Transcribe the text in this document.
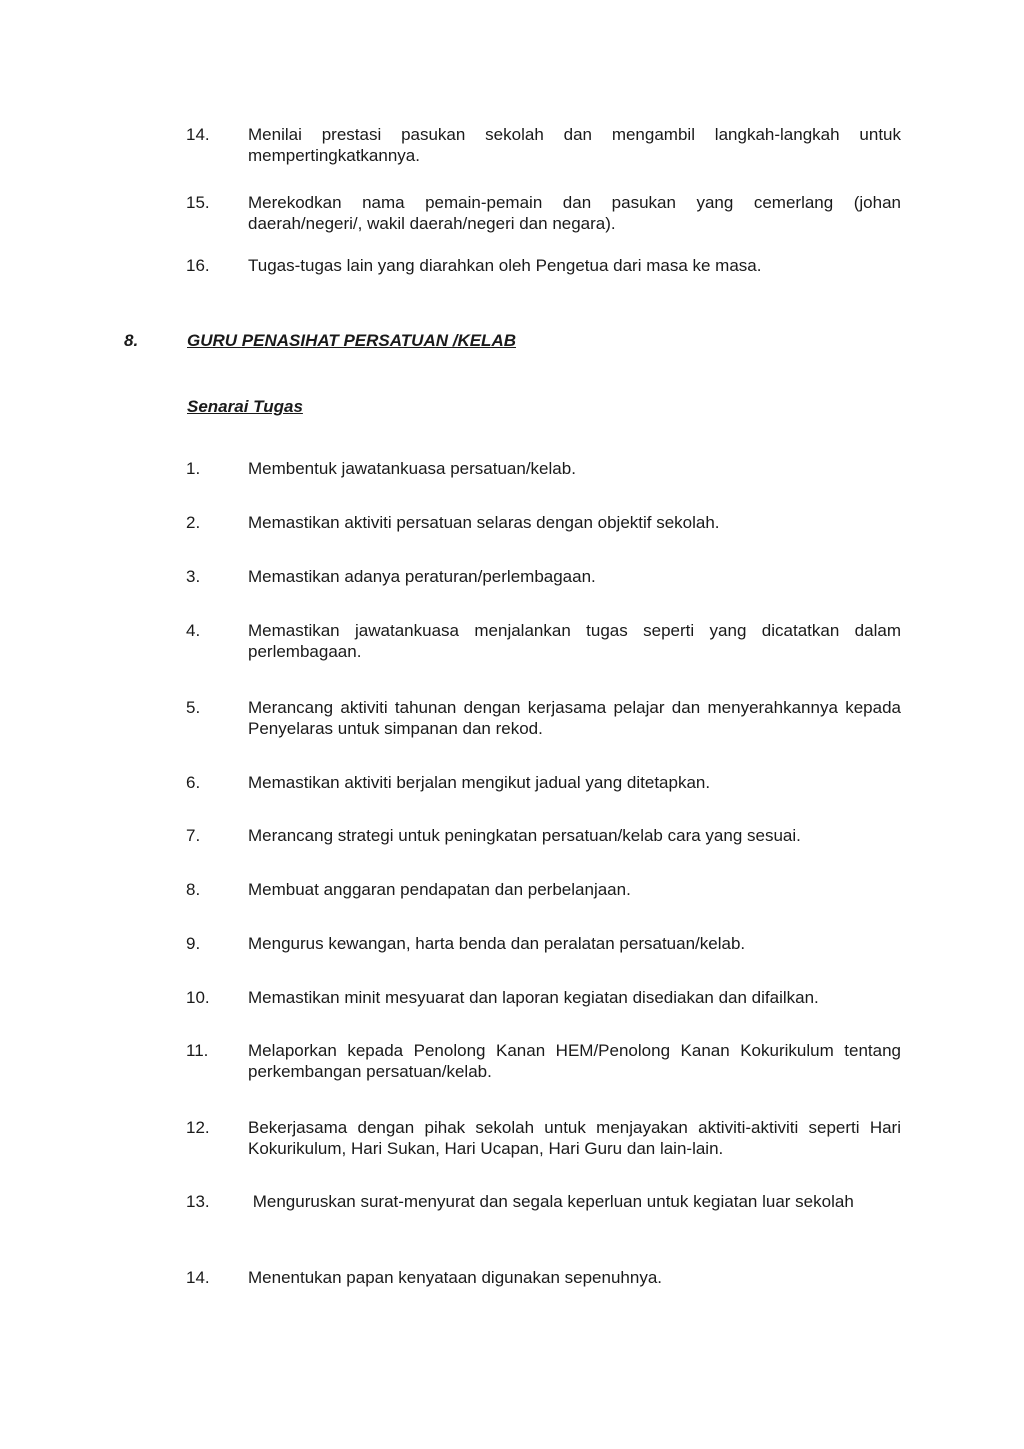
14.	Menilai prestasi pasukan sekolah dan mengambil langkah-langkah untuk mempertingkatkannya.
15.	Merekodkan nama pemain-pemain dan pasukan yang cemerlang (johan daerah/negeri/, wakil daerah/negeri dan negara).
16.	Tugas-tugas lain yang diarahkan oleh Pengetua dari masa ke masa.
8.	GURU PENASIHAT PERSATUAN /KELAB
Senarai Tugas
1.	Membentuk jawatankuasa persatuan/kelab.
2.	Memastikan aktiviti persatuan selaras dengan objektif sekolah.
3.	Memastikan adanya peraturan/perlembagaan.
4.	Memastikan jawatankuasa menjalankan tugas seperti yang dicatatkan dalam perlembagaan.
5.	Merancang aktiviti tahunan dengan kerjasama pelajar dan menyerahkannya kepada Penyelaras untuk simpanan dan rekod.
6.	Memastikan aktiviti berjalan mengikut jadual yang ditetapkan.
7.	Merancang strategi untuk peningkatan persatuan/kelab cara yang sesuai.
8.	Membuat anggaran pendapatan dan perbelanjaan.
9.	Mengurus kewangan, harta benda dan peralatan persatuan/kelab.
10.	Memastikan minit mesyuarat dan laporan kegiatan disediakan dan difailkan.
11.	Melaporkan kepada Penolong Kanan HEM/Penolong Kanan Kokurikulum tentang perkembangan persatuan/kelab.
12.	Bekerjasama dengan pihak sekolah untuk menjayakan aktiviti-aktiviti seperti Hari Kokurikulum, Hari Sukan, Hari Ucapan, Hari Guru dan lain-lain.
13.	Menguruskan surat-menyurat dan segala keperluan untuk kegiatan luar sekolah
14.	Menentukan papan kenyataan digunakan sepenuhnya.
